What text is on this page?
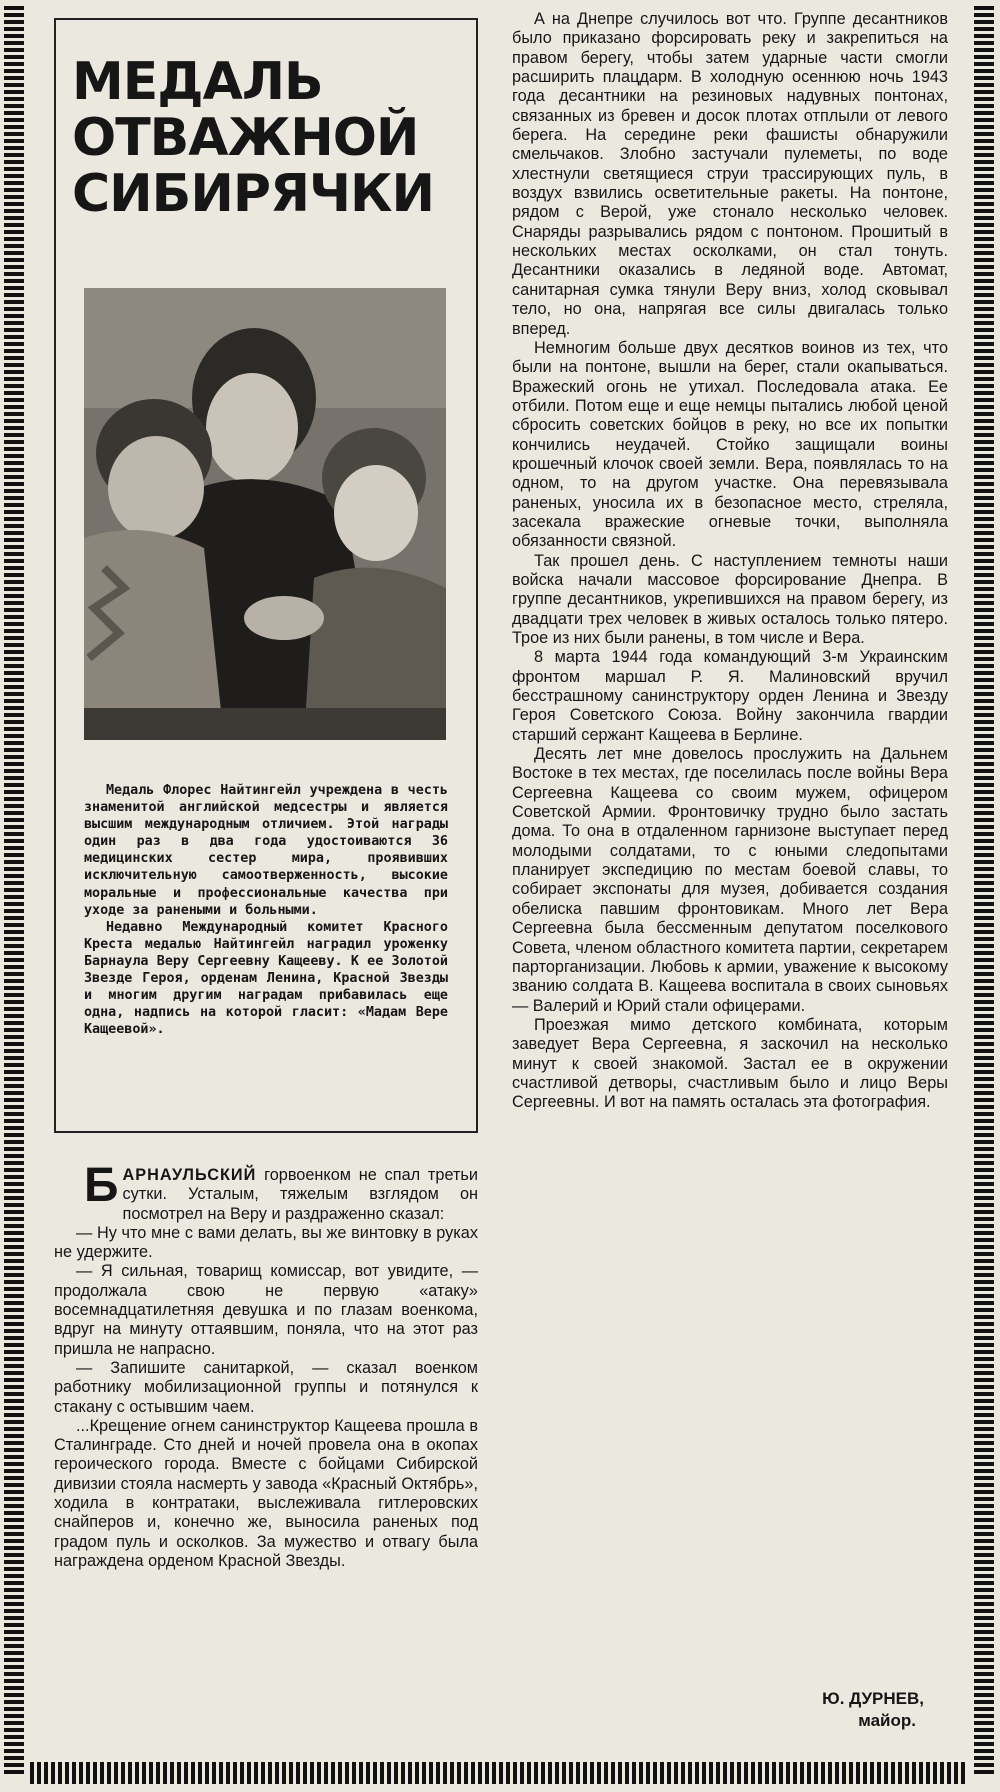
МЕДАЛЬ
ОТВАЖНОЙ
СИБИРЯЧКИ

Медаль Флорес Найтингейл учреждена в честь знаменитой английской медсестры и является высшим международным отличием. Этой награды один раз в два года удостоиваются 36 медицинских сестер мира, проявивших исключительную самоотверженность, высокие моральные и профессиональные качества при уходе за ранеными и больными.

Недавно Международный комитет Красного Креста медалью Найтингейл наградил уроженку Барнаула Веру Сергеевну Кащееву. К ее Золотой Звезде Героя, орденам Ленина, Красной Звезды и многим другим наградам прибавилась еще одна, надпись на которой гласит: «Мадам Вере Кащеевой».

БАРНАУЛЬСКИЙ горвоенком не спал третьи сутки. Усталым, тяжелым взглядом он посмотрел на Веру и раздраженно сказал:

— Ну что мне с вами делать, вы же винтовку в руках не удержите.

— Я сильная, товарищ комиссар, вот увидите, — продолжала свою не первую «атаку» восемнадцатилетняя девушка и по глазам военкома, вдруг на минуту оттаявшим, поняла, что на этот раз пришла не напрасно.

— Запишите санитаркой, — сказал военком работнику мобилизационной группы и потянулся к стакану с остывшим чаем.

...Крещение огнем санинструктор Кащеева прошла в Сталинграде. Сто дней и ночей провела она в окопах героического города. Вместе с бойцами Сибирской дивизии стояла насмерть у завода «Красный Октябрь», ходила в контратаки, выслеживала гитлеровских снайперов и, конечно же, выносила раненых под градом пуль и осколков. За мужество и отвагу была награждена орденом Красной Звезды.

А на Днепре случилось вот что. Группе десантников было приказано форсировать реку и закрепиться на правом берегу, чтобы затем ударные части смогли расширить плацдарм. В холодную осеннюю ночь 1943 года десантники на резиновых надувных понтонах, связанных из бревен и досок плотах отплыли от левого берега. На середине реки фашисты обнаружили смельчаков. Злобно застучали пулеметы, по воде хлестнули светящиеся струи трассирующих пуль, в воздух взвились осветительные ракеты. На понтоне, рядом с Верой, уже стонало несколько человек. Снаряды разрывались рядом с понтоном. Прошитый в нескольких местах осколками, он стал тонуть. Десантники оказались в ледяной воде. Автомат, санитарная сумка тянули Веру вниз, холод сковывал тело, но она, напрягая все силы двигалась только вперед.

Немногим больше двух десятков воинов из тех, что были на понтоне, вышли на берег, стали окапываться. Вражеский огонь не утихал. Последовала атака. Ее отбили. Потом еще и еще немцы пытались любой ценой сбросить советских бойцов в реку, но все их попытки кончились неудачей. Стойко защищали воины крошечный клочок своей земли. Вера, появлялась то на одном, то на другом участке. Она перевязывала раненых, уносила их в безопасное место, стреляла, засекала вражеские огневые точки, выполняла обязанности связной.

Так прошел день. С наступлением темноты наши войска начали массовое форсирование Днепра. В группе десантников, укрепившихся на правом берегу, из двадцати трех человек в живых осталось только пятеро. Трое из них были ранены, в том числе и Вера.

8 марта 1944 года командующий 3-м Украинским фронтом маршал Р. Я. Малиновский вручил бесстрашному санинструктору орден Ленина и Звезду Героя Советского Союза. Войну закончила гвардии старший сержант Кащеева в Берлине.

Десять лет мне довелось прослужить на Дальнем Востоке в тех местах, где поселилась после войны Вера Сергеевна Кащеева со своим мужем, офицером Советской Армии. Фронтовичку трудно было застать дома. То она в отдаленном гарнизоне выступает перед молодыми солдатами, то с юными следопытами планирует экспедицию по местам боевой славы, то собирает экспонаты для музея, добивается создания обелиска павшим фронтовикам. Много лет Вера Сергеевна была бессменным депутатом поселкового Совета, членом областного комитета партии, секретарем парторганизации. Любовь к армии, уважение к высокому званию солдата В. Кащеева воспитала в своих сыновьях — Валерий и Юрий стали офицерами.

Проезжая мимо детского комбината, которым заведует Вера Сергеевна, я заскочил на несколько минут к своей знакомой. Застал ее в окружении счастливой детворы, счастливым было и лицо Веры Сергеевны. И вот на память осталась эта фотография.

Ю. ДУРНЕВ,
майор.
